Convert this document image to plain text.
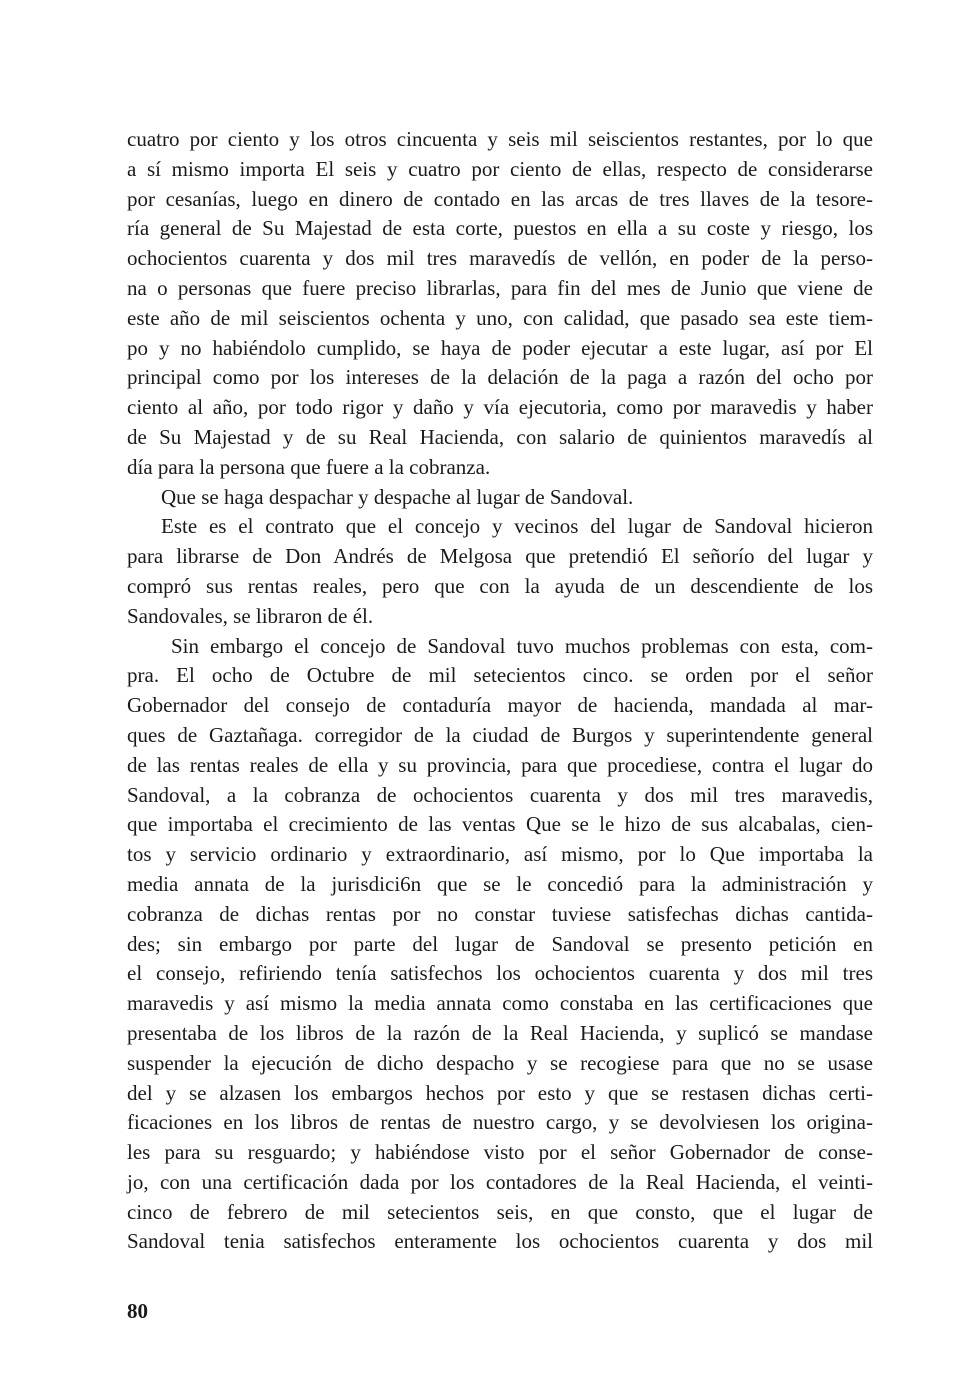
cuatro por ciento y los otros cincuenta y seis mil seiscientos restantes, por lo que
a sí mismo importa El seis y cuatro por ciento de ellas, respecto de considerarse
por cesanías, luego en dinero de contado en las arcas de tres llaves de la tesore-
ría general de Su Majestad de esta corte, puestos en ella a su coste y riesgo, los
ochocientos cuarenta y dos mil tres maravedís de vellón, en poder de la perso-
na o personas que fuere preciso librarlas, para fin del mes de Junio que viene de
este año de mil seiscientos ochenta y uno, con calidad, que pasado sea este tiem-
po y no habiéndolo cumplido, se haya de poder ejecutar a este lugar, así por El
principal como por los intereses de la delación de la paga a razón del ocho por
ciento al año, por todo rigor y daño y vía ejecutoria, como por maravedis y haber
de Su Majestad y de su Real Hacienda, con salario de quinientos maravedís al
día para la persona que fuere a la cobranza.
Que se haga despachar y despache al lugar de Sandoval.
Este es el contrato que el concejo y vecinos del lugar de Sandoval hicieron
para librarse de Don Andrés de Melgosa que pretendió El señorío del lugar y
compró sus rentas reales, pero que con la ayuda de un descendiente de los
Sandovales, se libraron de él.
Sin embargo el concejo de Sandoval tuvo muchos problemas con esta, com-
pra. El ocho de Octubre de mil setecientos cinco. se orden por el señor
Gobernador del consejo de contaduría mayor de hacienda, mandada al mar-
ques de Gaztañaga. corregidor de la ciudad de Burgos y superintendente general
de las rentas reales de ella y su provincia, para que procediese, contra el lugar do
Sandoval, a la cobranza de ochocientos cuarenta y dos mil tres maravedis,
que importaba el crecimiento de las ventas Que se le hizo de sus alcabalas, cien-
tos y servicio ordinario y extraordinario, así mismo, por lo Que importaba la
media annata de la jurisdici6n que se le concedió para la administración y
cobranza de dichas rentas por no constar tuviese satisfechas dichas cantida-
des; sin embargo por parte del lugar de Sandoval se presento petición en
el consejo, refiriendo tenía satisfechos los ochocientos cuarenta y dos mil tres
maravedis y así mismo la media annata como constaba en las certificaciones que
presentaba de los libros de la razón de la Real Hacienda, y suplicó se mandase
suspender la ejecución de dicho despacho y se recogiese para que no se usase
del y se alzasen los embargos hechos por esto y que se restasen dichas certi-
ficaciones en los libros de rentas de nuestro cargo, y se devolviesen los origina-
les para su resguardo; y habiéndose visto por el señor Gobernador de conse-
jo, con una certificación dada por los contadores de la Real Hacienda, el veinti-
cinco de febrero de mil setecientos seis, en que consto, que el lugar de
Sandoval tenia satisfechos enteramente los ochocientos cuarenta y dos mil
80
